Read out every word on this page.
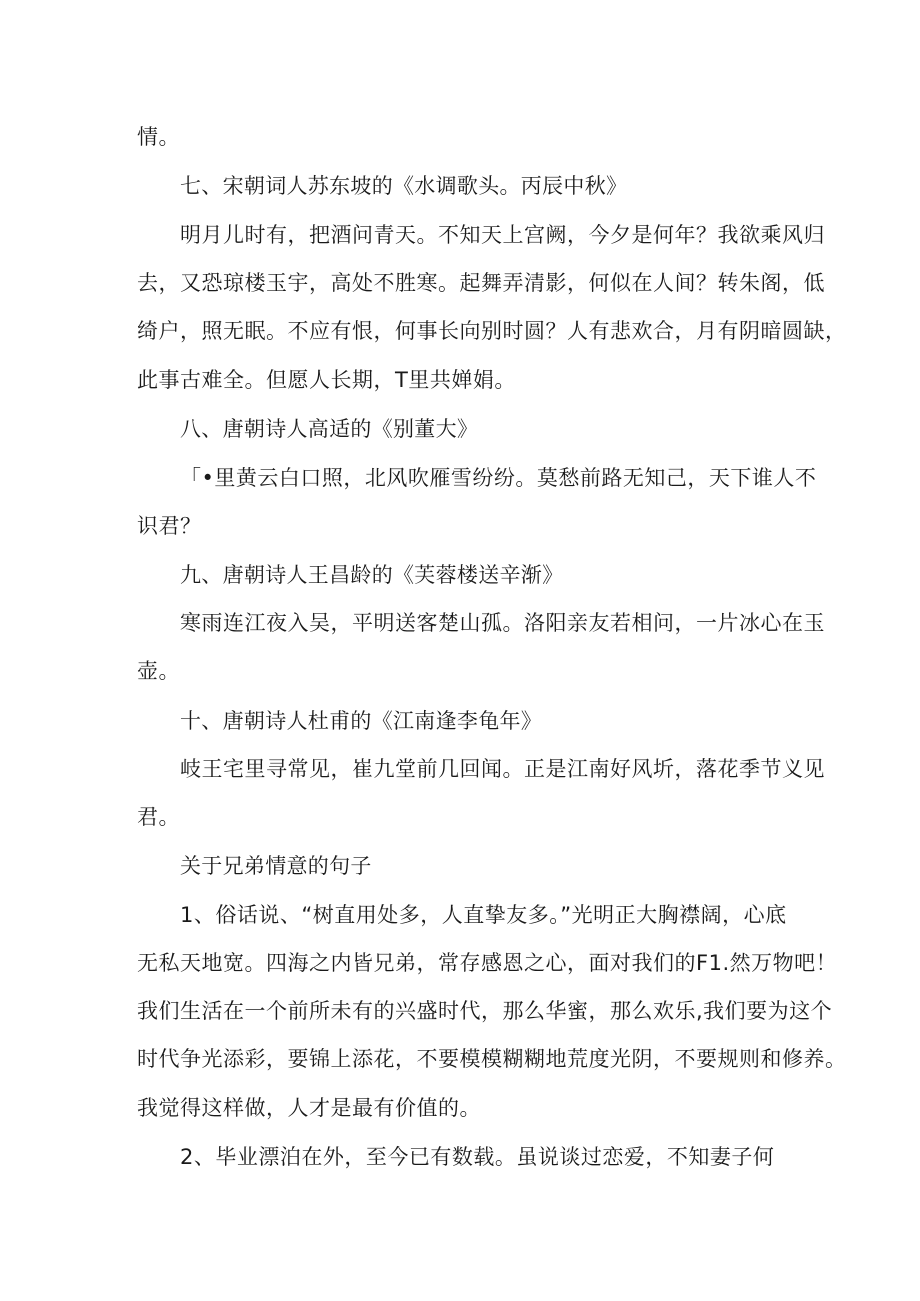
情。
七、宋朝词人苏东坡的《水调歌头。丙辰中秋》
明月儿时有，把酒问青天。不知天上宫阙，今夕是何年？我欲乘风归
去，又恐琼楼玉宇，高处不胜寒。起舞弄清影，何似在人间？转朱阁，低
绮户，照无眠。不应有恨，何事长向别时圆？人有悲欢合，月有阴暗圆缺，
此事古难全。但愿人长期，T里共婵娟。
八、唐朝诗人高适的《别董大》
「•里黄云白口照，北风吹雁雪纷纷。莫愁前路无知己，天下谁人不
识君？
九、唐朝诗人王昌龄的《芙蓉楼送辛渐》
寒雨连江夜入吴，平明送客楚山孤。洛阳亲友若相问，一片冰心在玉
壶。
十、唐朝诗人杜甫的《江南逢李龟年》
岐王宅里寻常见，崔九堂前几回闻。正是江南好风圻，落花季节义见
君。
关于兄弟情意的句子
1、俗话说、“树直用处多，人直挚友多。”光明正大胸襟阔，心底
无私天地宽。四海之内皆兄弟，常存感恩之心，面对我们的F1.然万物吧！
我们生活在一个前所未有的兴盛时代，那么华蜜，那么欢乐,我们要为这个
时代争光添彩，要锦上添花，不要模模糊糊地荒度光阴，不要规则和修养。
我觉得这样做，人才是最有价值的。
2、毕业漂泊在外，至今已有数载。虽说谈过恋爱，不知妻子何
